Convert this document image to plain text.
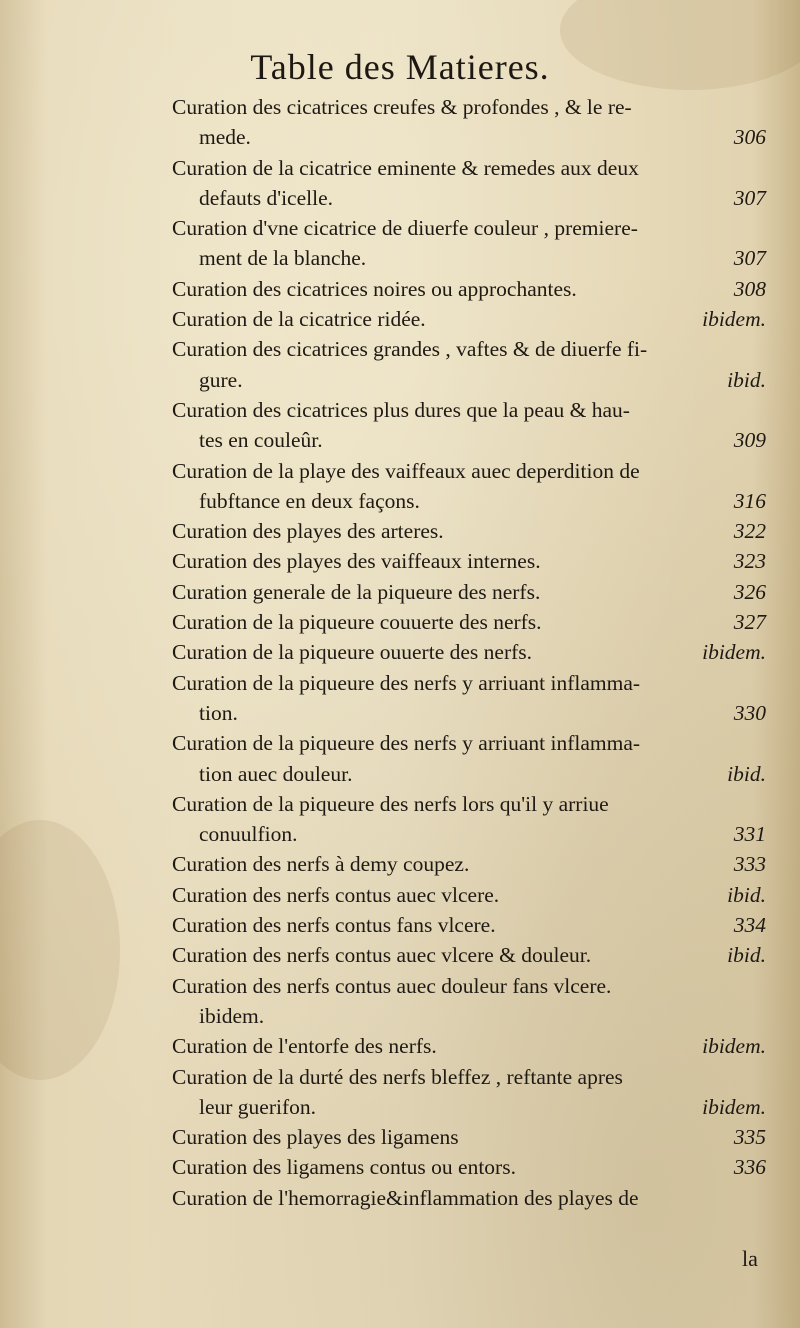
Table des Matieres.
Curation des cicatrices creufes & profondes , & le re-
mede.	306
Curation de la cicatrice eminente & remedes aux deux
defauts d'icelle.	307
Curation d'vne cicatrice de diuerfe couleur , premiere-
ment de la blanche.	307
Curation des cicatrices noires ou approchantes.	308
Curation de la cicatrice ridée.	ibidem.
Curation des cicatrices grandes , vaftes & de diuerfe fi-
gure.	ibid.
Curation des cicatrices plus dures que la peau & hau-
tes en couleûr.	309
Curation de la playe des vaiffeaux auec deperdition de
fubftance en deux façons.	316
Curation des playes des arteres.	322
Curation des playes des vaiffeaux internes.	323
Curation generale de la piqueure des nerfs.	326
Curation de la piqueure couuerte des nerfs.	327
Curation de la piqueure ouuerte des nerfs.	ibidem.
Curation de la piqueure des nerfs y arriuant inflamma-
tion.	330
Curation de la piqueure des nerfs y arriuant inflamma-
tion auec douleur.	ibid.
Curation de la piqueure des nerfs lors qu'il y arriue
conuulfion.	331
Curation des nerfs à demy coupez.	333
Curation des nerfs contus auec vlcere.	ibid.
Curation des nerfs contus fans vlcere.	334
Curation des nerfs contus auec vlcere & douleur.	ibid.
Curation des nerfs contus auec douleur fans vlcere.
ibidem.
Curation de l'entorfe des nerfs.	ibidem.
Curation de la durté des nerfs bleffez , reftante apres
leur guerifon.	ibidem.
Curation des playes des ligamens	335
Curation des ligamens contus ou entors.	336
Curation de l'hemorragie&inflammation des playes de
la
